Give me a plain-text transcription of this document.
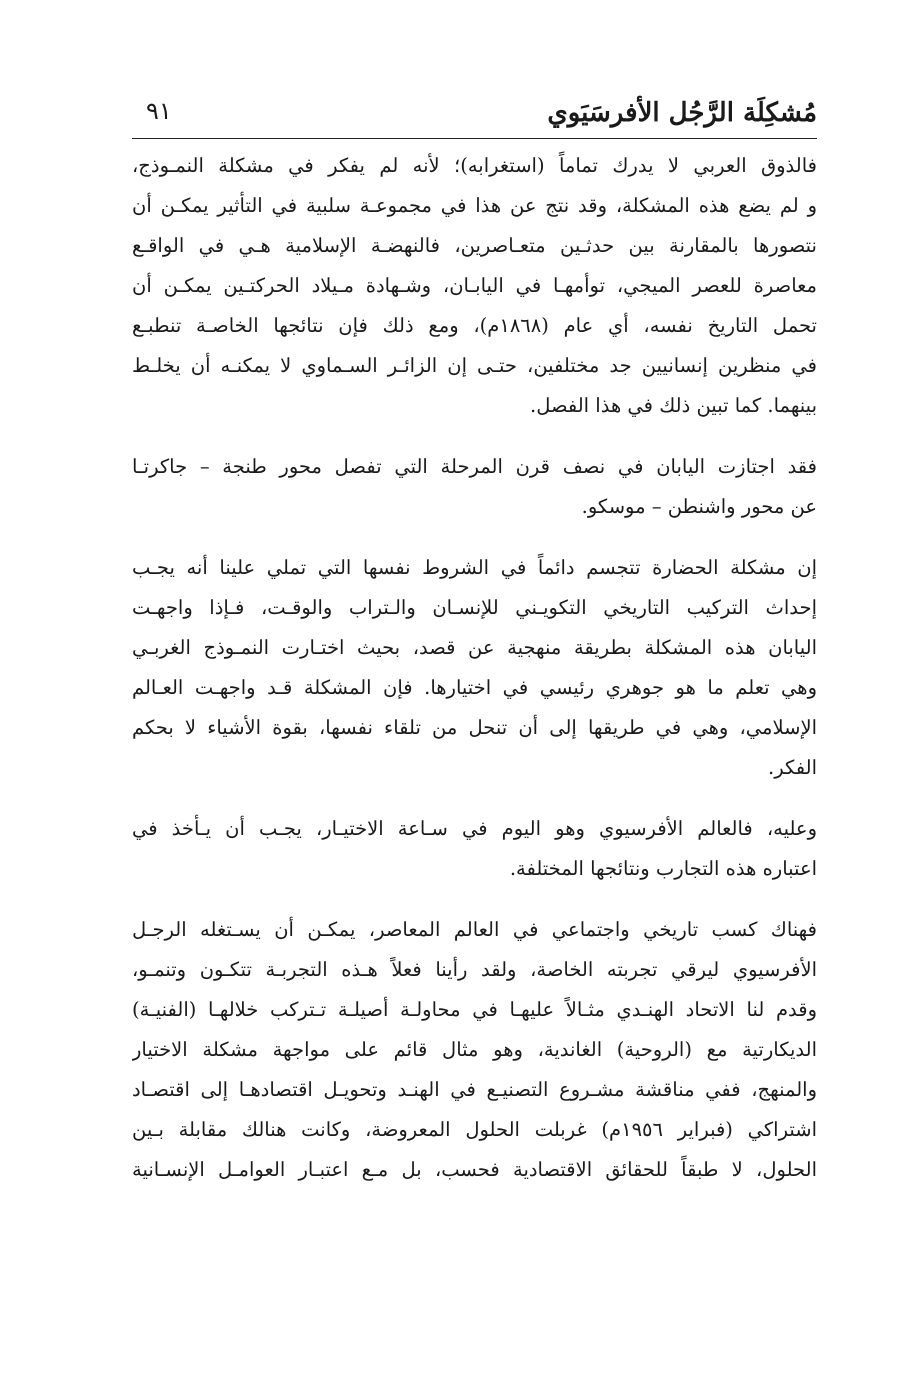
مُشكِلَة الرَّجُل الأفرسَيَوي
٩١
فالذوق العربي لا يدرك تماماً (استغرابه)؛ لأنه لم يفكر في مشكلة النمـوذج،
و لم يضع هذه المشكلة، وقد نتج عن هذا في مجموعـة سلبية في التأثير يمكـن أن
نتصورها بالمقارنة بين حدثـين متعـاصرين، فالنهضـة الإسلامية هـي في الواقـع
معاصرة للعصر الميجي، توأمهـا في اليابـان، وشـهادة مـيلاد الحركتـين يمكـن أن
تحمل التاريخ نفسه، أي عام (١٨٦٨م)، ومع ذلك فإن نتائجها الخاصـة تنطبـع
في منظرين إنسانيين جد مختلفين، حتـى إن الزائـر السـماوي لا يمكنـه أن يخلـط
بينهما. كما تبين ذلك في هذا الفصل.
فقد اجتازت اليابان في نصف قرن المرحلة التي تفصل محور طنجة – جاكرتـا
عن محور واشنطن – موسكو.
إن مشكلة الحضارة تتجسم دائماً في الشروط نفسها التي تملي علينا أنه يجـب
إحداث التركيب التاريخي التكويـني للإنسـان والـتراب والوقـت، فـإذا واجهـت
اليابان هذه المشكلة بطريقة منهجية عن قصد، بحيث اختـارت النمـوذج الغربـي
وهي تعلم ما هو جوهري رئيسي في اختيارها. فإن المشكلة قـد واجهـت العـالم
الإسلامي، وهي في طريقها إلى أن تنحل من تلقاء نفسها، بقوة الأشياء لا بحكم
الفكر.
وعليه، فالعالم الأفرسيوي وهو اليوم في سـاعة الاختيـار، يجـب أن يـأخذ في
اعتباره هذه التجارب ونتائجها المختلفة.
فهناك كسب تاريخي واجتماعي في العالم المعاصر، يمكـن أن يسـتغله الرجـل
الأفرسيوي ليرقي تجربته الخاصة، ولقد رأينا فعلاً هـذه التجربـة تتكـون وتنمـو،
وقدم لنا الاتحاد الهنـدي مثـالاً عليهـا في محاولـة أصيلـة تـتركب خلالهـا (الفنيـة)
الديكارتية مع (الروحية) الغاندية، وهو مثال قائم على مواجهة مشكلة الاختيار
والمنهج، ففي مناقشة مشـروع التصنيـع في الهنـد وتحويـل اقتصادهـا إلى اقتصـاد
اشتراكي (فبراير ١٩٥٦م) غربلت الحلول المعروضة، وكانت هنالك مقابلة بـين
الحلول، لا طبقاً للحقائق الاقتصادية فحسب، بل مـع اعتبـار العوامـل الإنسـانية
